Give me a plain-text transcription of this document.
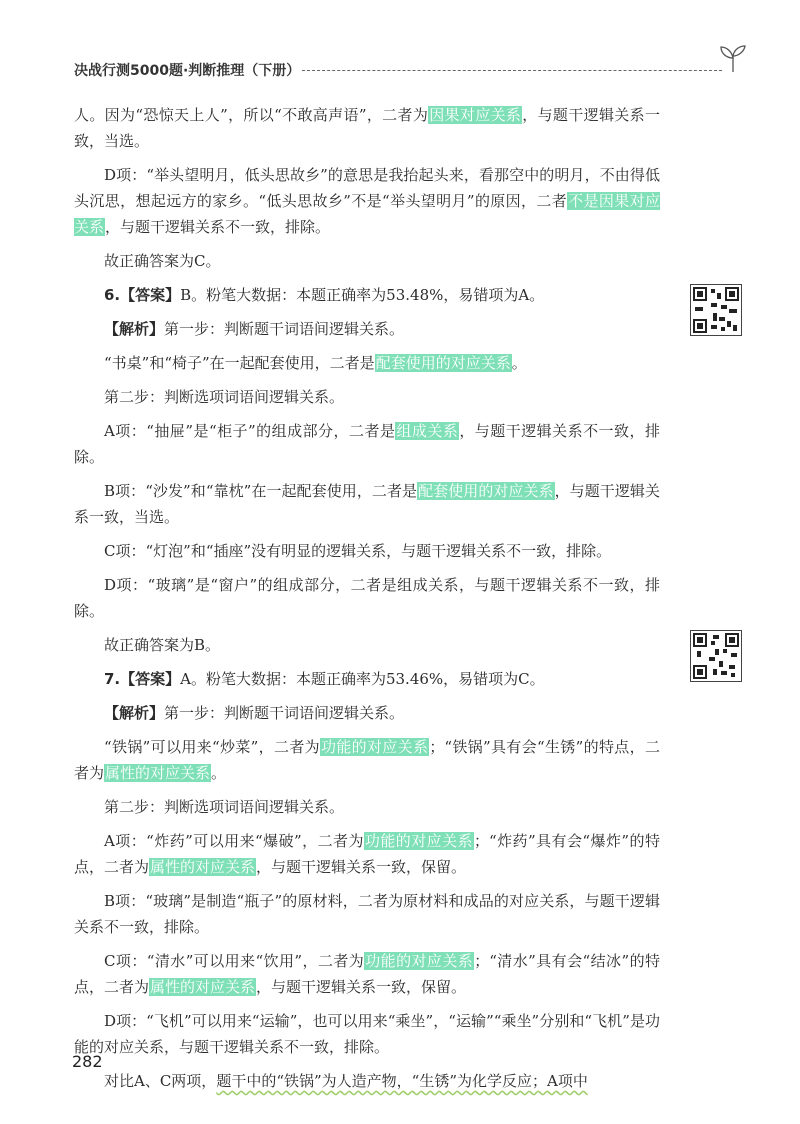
决战行测5000题·判断推理（下册）

人。因为“恐惊天上人”，所以“不敢高声语”，二者为因果对应关系，与题干逻辑关系一致，当选。

D项：“举头望明月，低头思故乡”的意思是我抬起头来，看那空中的明月，不由得低头沉思，想起远方的家乡。“低头思故乡”不是“举头望明月”的原因，二者不是因果对应关系，与题干逻辑关系不一致，排除。

故正确答案为C。

6.【答案】B。粉笔大数据：本题正确率为53.48%，易错项为A。

【解析】第一步：判断题干词语间逻辑关系。

“书桌”和“椅子”在一起配套使用，二者是配套使用的对应关系。

第二步：判断选项词语间逻辑关系。

A项：“抽屉”是“柜子”的组成部分，二者是组成关系，与题干逻辑关系不一致，排除。

B项：“沙发”和“靠枕”在一起配套使用，二者是配套使用的对应关系，与题干逻辑关系一致，当选。

C项：“灯泡”和“插座”没有明显的逻辑关系，与题干逻辑关系不一致，排除。

D项：“玻璃”是“窗户”的组成部分，二者是组成关系，与题干逻辑关系不一致，排除。

故正确答案为B。

7.【答案】A。粉笔大数据：本题正确率为53.46%，易错项为C。

【解析】第一步：判断题干词语间逻辑关系。

“铁锅”可以用来“炒菜”，二者为功能的对应关系；“铁锅”具有会“生锈”的特点，二者为属性的对应关系。

第二步：判断选项词语间逻辑关系。

A项：“炸药”可以用来“爆破”，二者为功能的对应关系；“炸药”具有会“爆炸”的特点，二者为属性的对应关系，与题干逻辑关系一致，保留。

B项：“玻璃”是制造“瓶子”的原材料，二者为原材料和成品的对应关系，与题干逻辑关系不一致，排除。

C项：“清水”可以用来“饮用”，二者为功能的对应关系；“清水”具有会“结冰”的特点，二者为属性的对应关系，与题干逻辑关系一致，保留。

D项：“飞机”可以用来“运输”，也可以用来“乘坐”，“运输”“乘坐”分别和“飞机”是功能的对应关系，与题干逻辑关系不一致，排除。

对比A、C两项，题干中的“铁锅”为人造产物，“生锈”为化学反应；A项中

282
